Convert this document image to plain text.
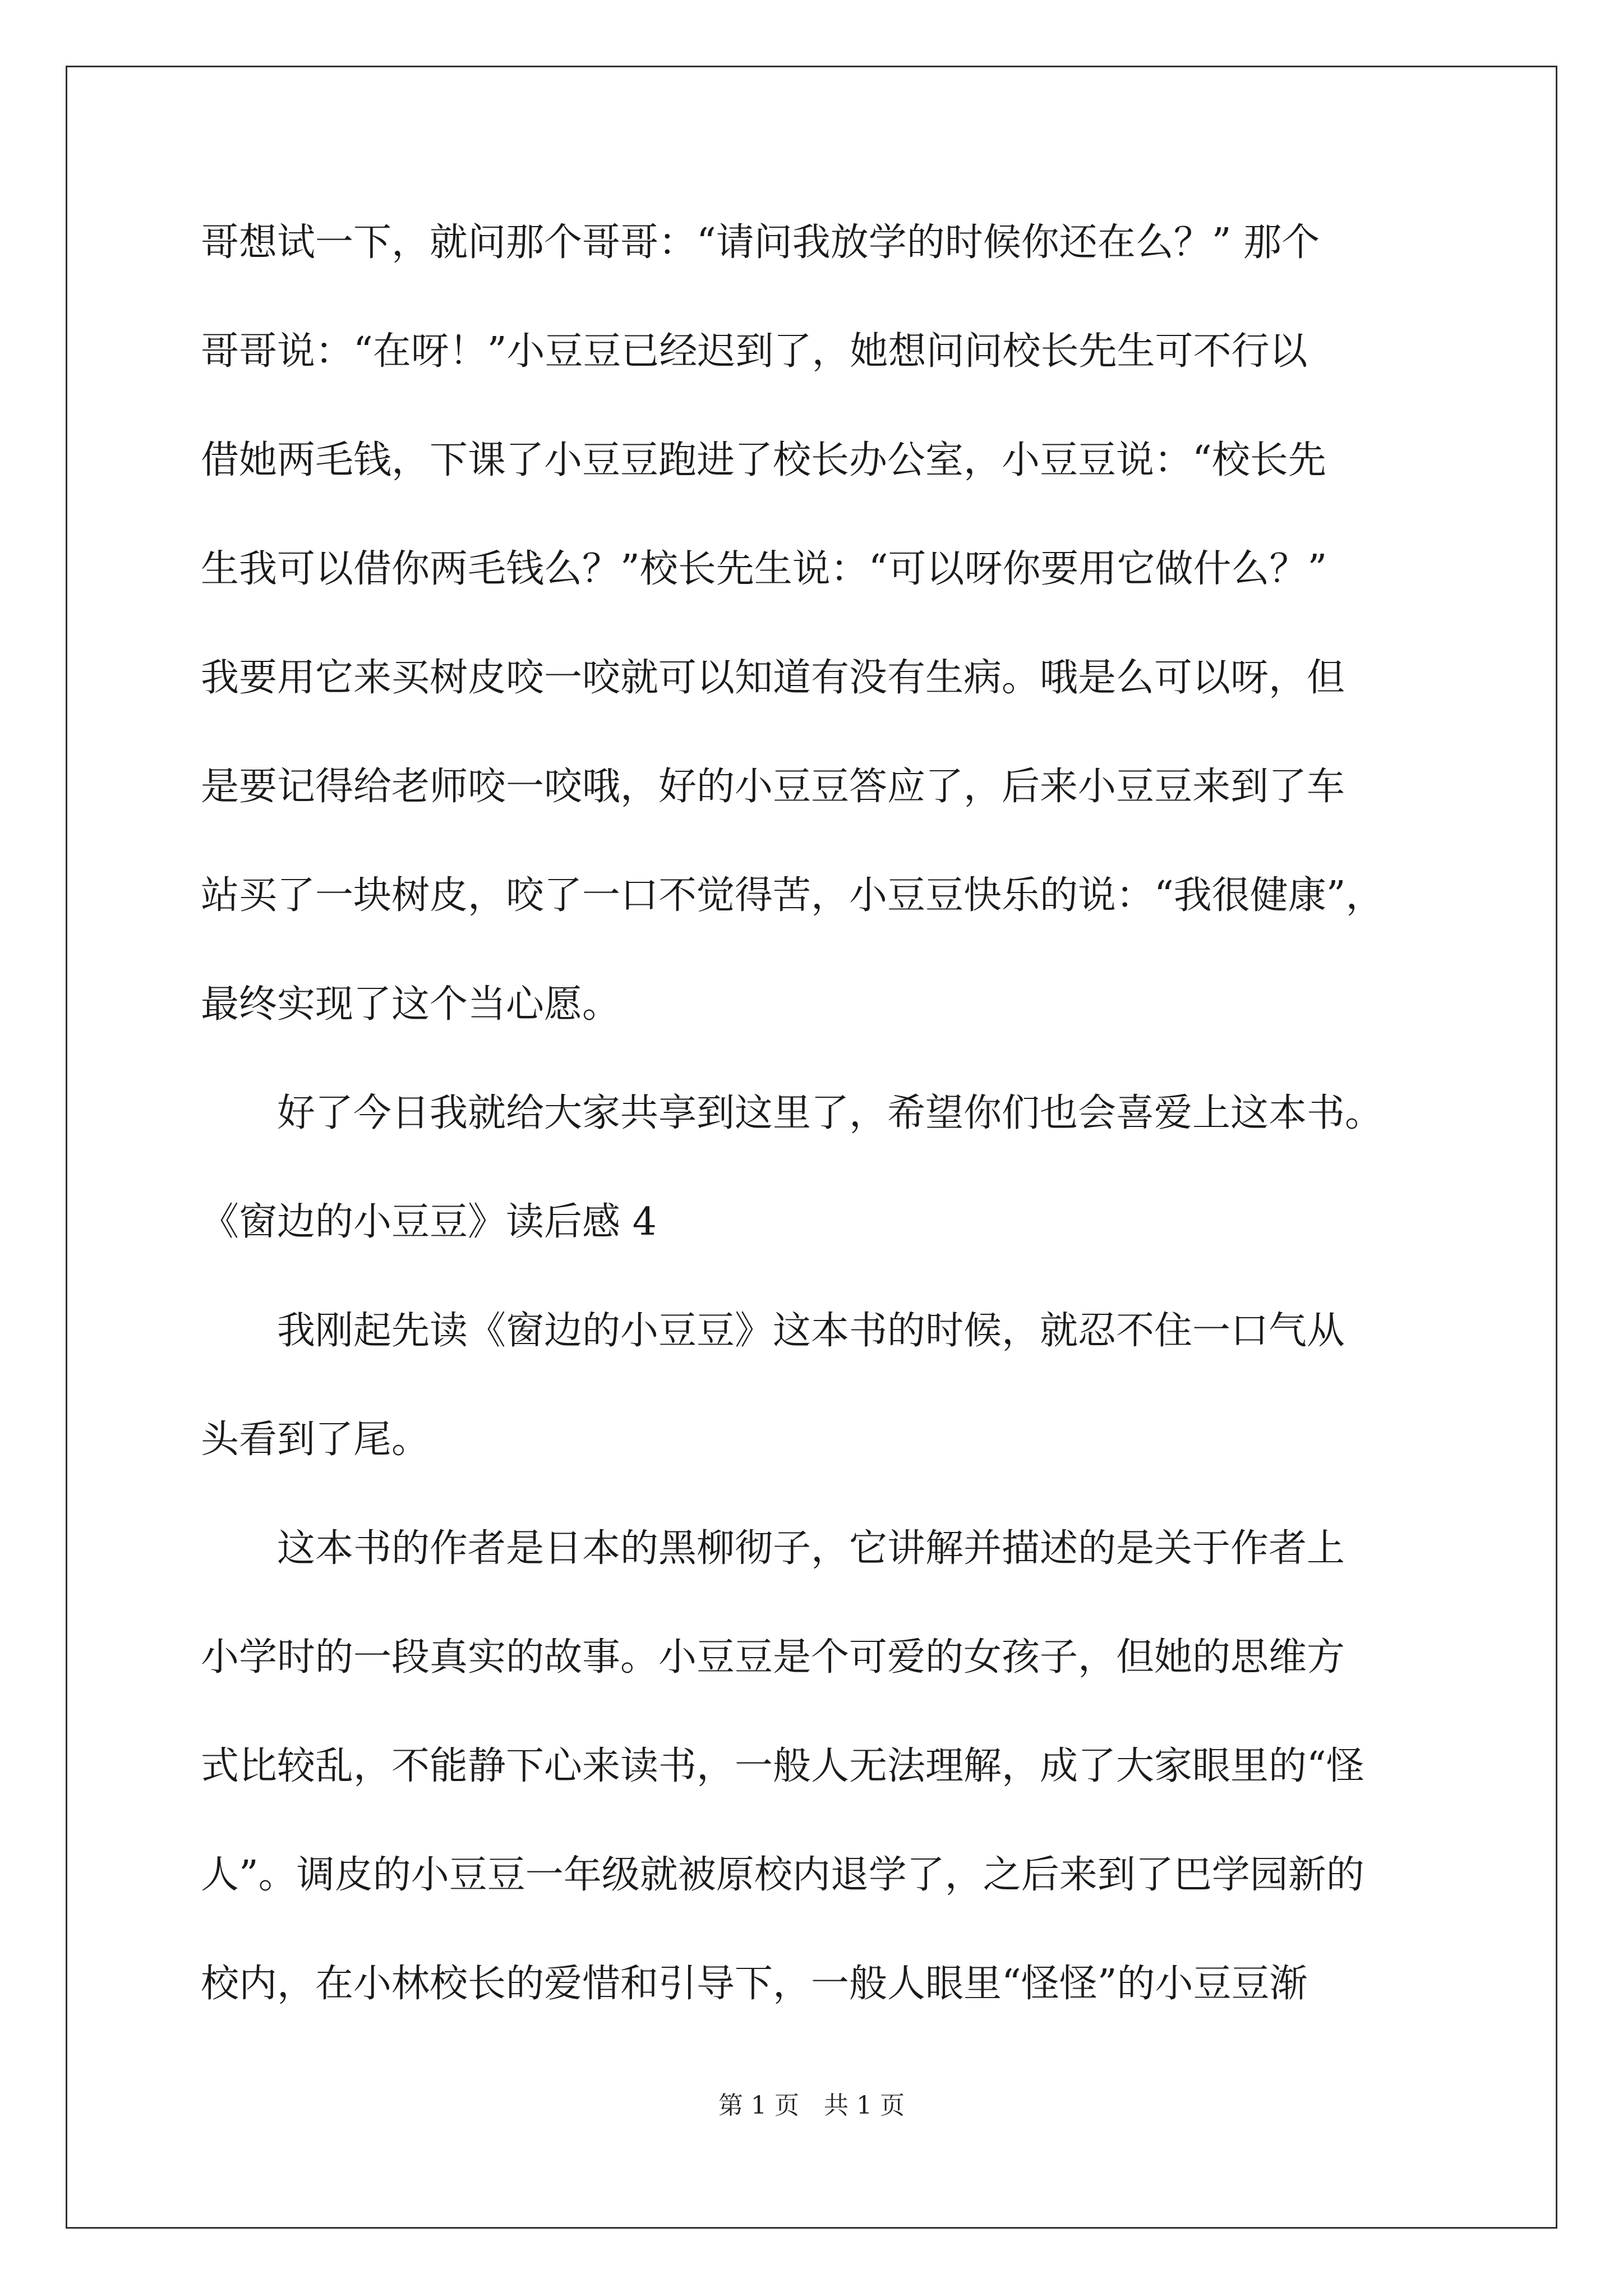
哥想试一下，就问那个哥哥：“请问我放学的时候你还在么？” 那个
哥哥说：“在呀！”小豆豆已经迟到了，她想问问校长先生可不行以
借她两毛钱，下课了小豆豆跑进了校长办公室，小豆豆说：“校长先
生我可以借你两毛钱么？”校长先生说：“可以呀你要用它做什么？”
我要用它来买树皮咬一咬就可以知道有没有生病。哦是么可以呀，但
是要记得给老师咬一咬哦，好的小豆豆答应了，后来小豆豆来到了车
站买了一块树皮，咬了一口不觉得苦，小豆豆快乐的说：“我很健康”，
最终实现了这个当心愿。
　　好了今日我就给大家共享到这里了，希望你们也会喜爱上这本书。
《窗边的小豆豆》读后感 4
　　我刚起先读《窗边的小豆豆》这本书的时候，就忍不住一口气从
头看到了尾。
　　这本书的作者是日本的黑柳彻子，它讲解并描述的是关于作者上
小学时的一段真实的故事。小豆豆是个可爱的女孩子，但她的思维方
式比较乱，不能静下心来读书，一般人无法理解，成了大家眼里的“怪
人”。调皮的小豆豆一年级就被原校内退学了，之后来到了巴学园新的
校内，在小林校长的爱惜和引导下，一般人眼里“怪怪”的小豆豆渐
第 1 页　共 1 页
